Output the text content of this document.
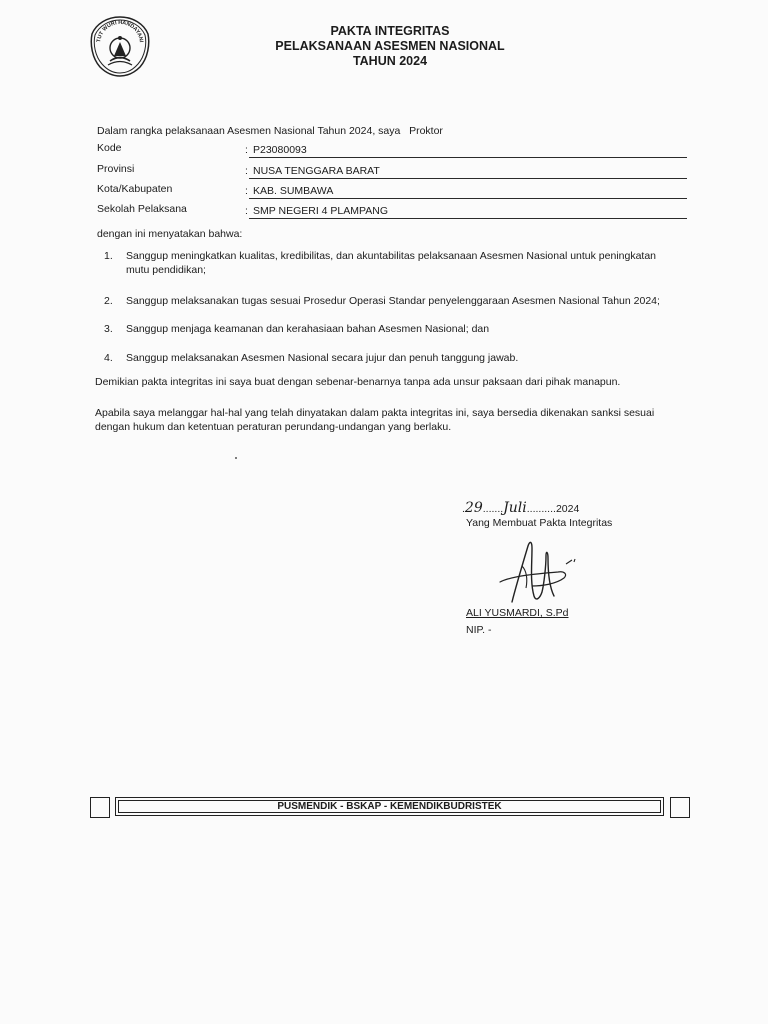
TUT WURI HANDAYANI
PAKTA INTEGRITAS
PELAKSANAAN ASESMEN NASIONAL
TAHUN 2024
Dalam rangka pelaksanaan Asesmen Nasional Tahun 2024, saya   Proktor
Kode	: P23080093
Provinsi	: NUSA TENGGARA BARAT
Kota/Kabupaten	: KAB. SUMBAWA
Sekolah Pelaksana	: SMP NEGERI 4 PLAMPANG
dengan ini menyatakan bahwa:
1. Sanggup meningkatkan kualitas, kredibilitas, dan akuntabilitas pelaksanaan Asesmen Nasional untuk peningkatan mutu pendidikan;
2. Sanggup melaksanakan tugas sesuai Prosedur Operasi Standar penyelenggaraan Asesmen Nasional Tahun 2024;
3. Sanggup menjaga keamanan dan kerahasiaan bahan Asesmen Nasional; dan
4. Sanggup melaksanakan Asesmen Nasional secara jujur dan penuh tanggung jawab.
Demikian pakta integritas ini saya buat dengan sebenar-benarnya tanpa ada unsur paksaan dari pihak manapun.
Apabila saya melanggar hal-hal yang telah dinyatakan dalam pakta integritas ini, saya bersedia dikenakan sanksi sesuai dengan hukum dan ketentuan peraturan perundang-undangan yang berlaku.
.29.......Juli..........2024
Yang Membuat Pakta Integritas
ALI YUSMARDI, S.Pd
NIP. -
PUSMENDIK - BSKAP - KEMENDIKBUDRISTEK
